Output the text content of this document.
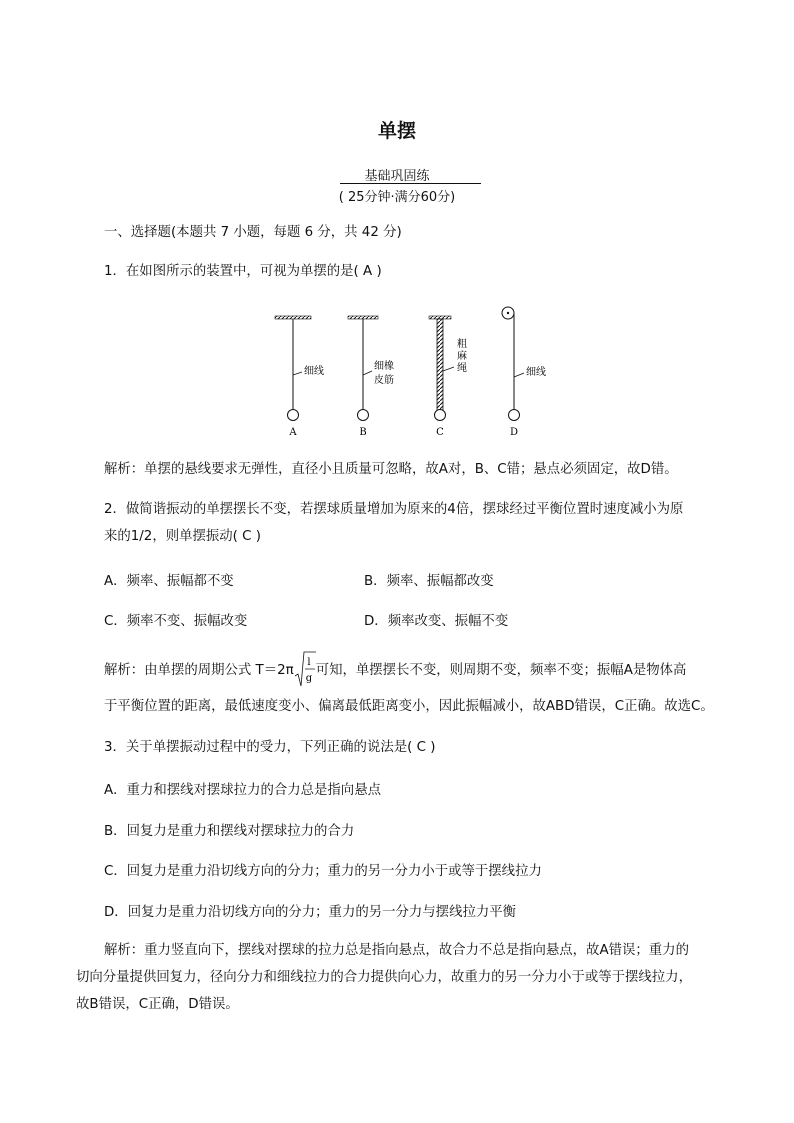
单摆
基础巩固练
( 25分钟·满分60分)
一、选择题(本题共 7 小题，每题 6 分，共 42 分)
1．在如图所示的装置中，可视为单摆的是( A )
细线
A
细橡
皮筋
B
粗
麻
绳
C
细线
D
解析：单摆的悬线要求无弹性，直径小且质量可忽略，故A对，B、C错；悬点必须固定，故D错。
2．做简谐振动的单摆摆长不变，若摆球质量增加为原来的4倍，摆球经过平衡位置时速度减小为原
来的1/2，则单摆振动( C )
A．频率、振幅都不变	B．频率、振幅都改变
C．频率不变、振幅改变	D．频率改变、振幅不变
解析：由单摆的周期公式 T＝2π
l
g
可知，单摆摆长不变，则周期不变，频率不变；振幅A是物体高
于平衡位置的距离，最低速度变小、偏离最低距离变小，因此振幅减小，故ABD错误，C正确。故选C。
3．关于单摆振动过程中的受力，下列正确的说法是( C )
A．重力和摆线对摆球拉力的合力总是指向悬点
B．回复力是重力和摆线对摆球拉力的合力
C．回复力是重力沿切线方向的分力；重力的另一分力小于或等于摆线拉力
D．回复力是重力沿切线方向的分力；重力的另一分力与摆线拉力平衡
解析：重力竖直向下，摆线对摆球的拉力总是指向悬点，故合力不总是指向悬点，故A错误；重力的
切向分量提供回复力，径向分力和细线拉力的合力提供向心力，故重力的另一分力小于或等于摆线拉力，
故B错误，C正确，D错误。
